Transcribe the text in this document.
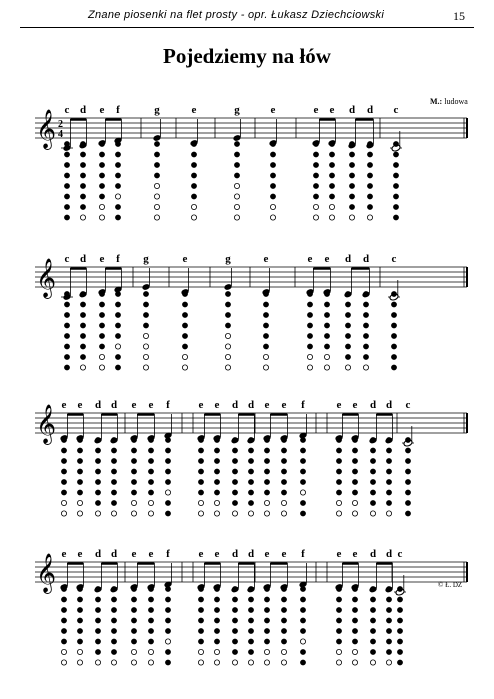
Znane piosenki na flet prosty - opr. Łukasz Dziechciowski	15
Pojedziemy na łów
M.: ludowa
© Ł. DZ
𝄞 2
4
c d e f	g	e	g	e	e e d d c
𝄞 c d e f g	e	g	e	e e d d c
𝄞 e e d d e e f	e e d d e e f	e e d d c
𝄞 e e d d e e f	e e d d e e f	e e d d c
